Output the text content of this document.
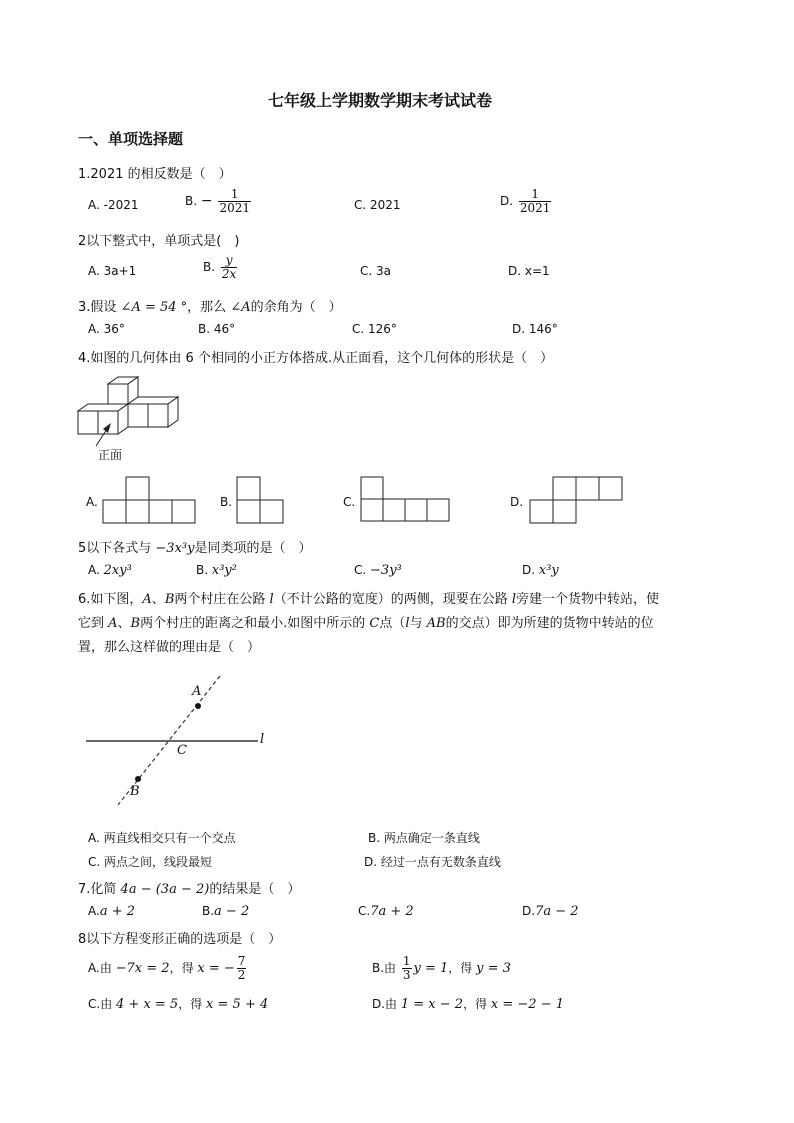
七年级上学期数学期末考试试卷
一、单项选择题
1.2021 的相反数是（　）
A. -2021	B. − $\frac{1}{2021}$	C. 2021	D. $\frac{1}{2021}$
2以下整式中，单项式是(　)
A. 3a+1	B. $\frac{y}{2x}$	C. 3a	D. x=1
3.假设 ∠A = 54 °，那么 ∠A的余角为（　）
A. 36°	B. 46°	C. 126°	D. 146°
4.如图的几何体由 6 个相同的小正方体搭成.从正面看，这个几何体的形状是（　）
正面
A.	B.	C.	D.
5以下各式与 −3x³y是同类项的是（　）
A. 2xy³	B. x³y²	C. −3y³	D. x³y
6.如下图，A、B两个村庄在公路 l（不计公路的宽度）的两侧，现要在公路 l旁建一个货物中转站，使
它到 A、B两个村庄的距离之和最小.如图中所示的 C点（l与 AB的交点）即为所建的货物中转站的位
置，那么这样做的理由是（　）
A
B
C
l
A. 两直线相交只有一个交点	B. 两点确定一条直线
C. 两点之间，线段最短	D. 经过一点有无数条直线
7.化简 4a − (3a − 2)的结果是（　）
A.a + 2	B.a − 2	C.7a + 2	D.7a − 2
8以下方程变形正确的选项是（　）
A.由 −7x = 2，得 x = − $\frac{7}{2}$	B.由 $\frac{1}{3}$ y = 1，得 y = 3
C.由 4 + x = 5，得 x = 5 + 4	D.由 1 = x − 2，得 x = −2 − 1
